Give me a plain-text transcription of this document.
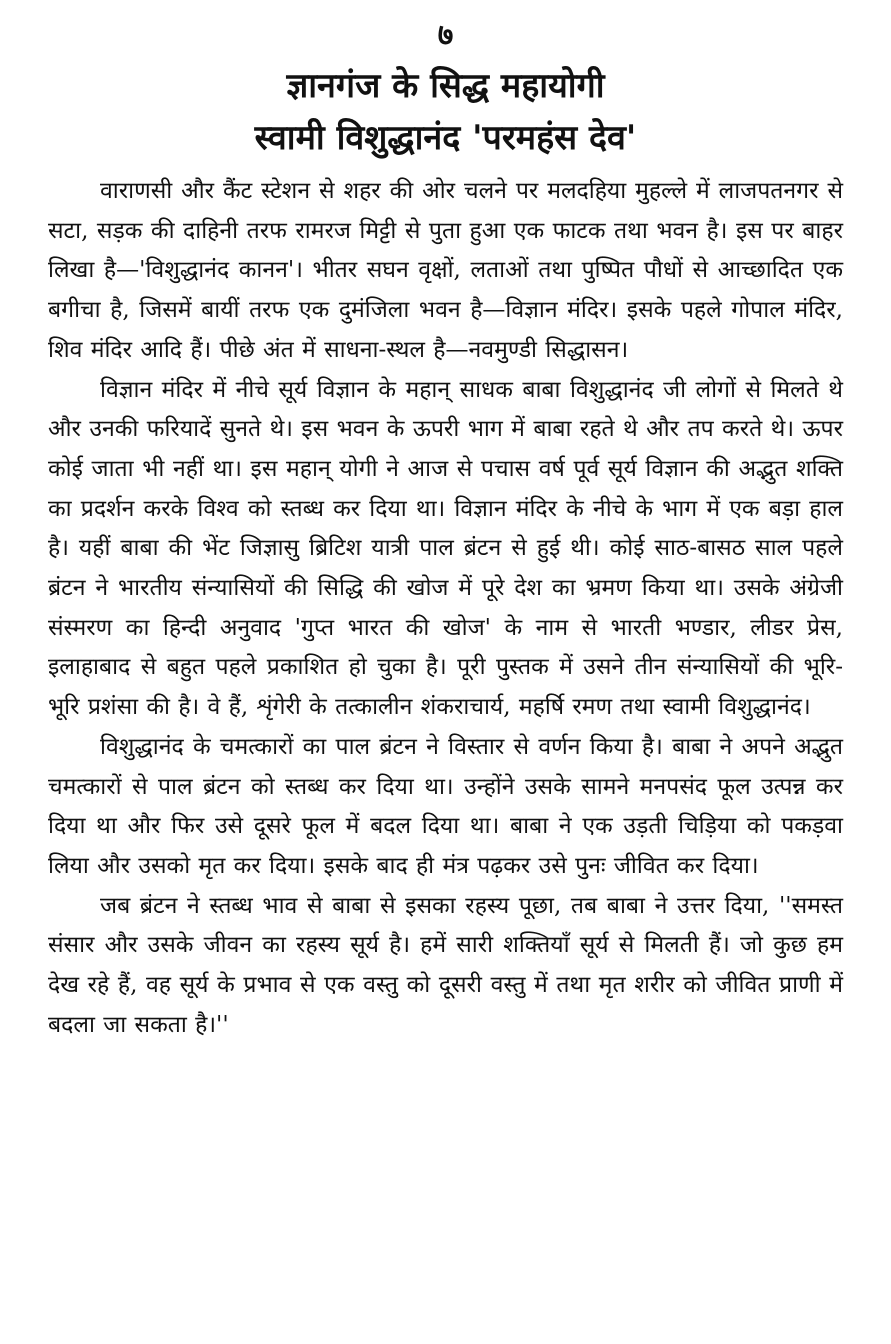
७
ज्ञानगंज के सिद्ध महायोगी
स्वामी विशुद्धानंद 'परमहंस देव'

वाराणसी और कैंट स्टेशन से शहर की ओर चलने पर मलदहिया मुहल्ले में लाजपतनगर से सटा, सड़क की दाहिनी तरफ रामरज मिट्टी से पुता हुआ एक फाटक तथा भवन है। इस पर बाहर लिखा है—'विशुद्धानंद कानन'। भीतर सघन वृक्षों, लताओं तथा पुष्पित पौधों से आच्छादित एक बगीचा है, जिसमें बायीं तरफ एक दुमंजिला भवन है—विज्ञान मंदिर। इसके पहले गोपाल मंदिर, शिव मंदिर आदि हैं। पीछे अंत में साधना-स्थल है—नवमुण्डी सिद्धासन।

विज्ञान मंदिर में नीचे सूर्य विज्ञान के महान् साधक बाबा विशुद्धानंद जी लोगों से मिलते थे और उनकी फरियादें सुनते थे। इस भवन के ऊपरी भाग में बाबा रहते थे और तप करते थे। ऊपर कोई जाता भी नहीं था। इस महान् योगी ने आज से पचास वर्ष पूर्व सूर्य विज्ञान की अद्भुत शक्ति का प्रदर्शन करके विश्व को स्तब्ध कर दिया था। विज्ञान मंदिर के नीचे के भाग में एक बड़ा हाल है। यहीं बाबा की भेंट जिज्ञासु ब्रिटिश यात्री पाल ब्रंटन से हुई थी। कोई साठ-बासठ साल पहले ब्रंटन ने भारतीय संन्यासियों की सिद्धि की खोज में पूरे देश का भ्रमण किया था। उसके अंग्रेजी संस्मरण का हिन्दी अनुवाद 'गुप्त भारत की खोज' के नाम से भारती भण्डार, लीडर प्रेस, इलाहाबाद से बहुत पहले प्रकाशित हो चुका है। पूरी पुस्तक में उसने तीन संन्यासियों की भूरि-भूरि प्रशंसा की है। वे हैं, शृंगेरी के तत्कालीन शंकराचार्य, महर्षि रमण तथा स्वामी विशुद्धानंद।

विशुद्धानंद के चमत्कारों का पाल ब्रंटन ने विस्तार से वर्णन किया है। बाबा ने अपने अद्भुत चमत्कारों से पाल ब्रंटन को स्तब्ध कर दिया था। उन्होंने उसके सामने मनपसंद फूल उत्पन्न कर दिया था और फिर उसे दूसरे फूल में बदल दिया था। बाबा ने एक उड़ती चिड़िया को पकड़वा लिया और उसको मृत कर दिया। इसके बाद ही मंत्र पढ़कर उसे पुनः जीवित कर दिया।

जब ब्रंटन ने स्तब्ध भाव से बाबा से इसका रहस्य पूछा, तब बाबा ने उत्तर दिया, ''समस्त संसार और उसके जीवन का रहस्य सूर्य है। हमें सारी शक्तियाँ सूर्य से मिलती हैं। जो कुछ हम देख रहे हैं, वह सूर्य के प्रभाव से एक वस्तु को दूसरी वस्तु में तथा मृत शरीर को जीवित प्राणी में बदला जा सकता है।''
